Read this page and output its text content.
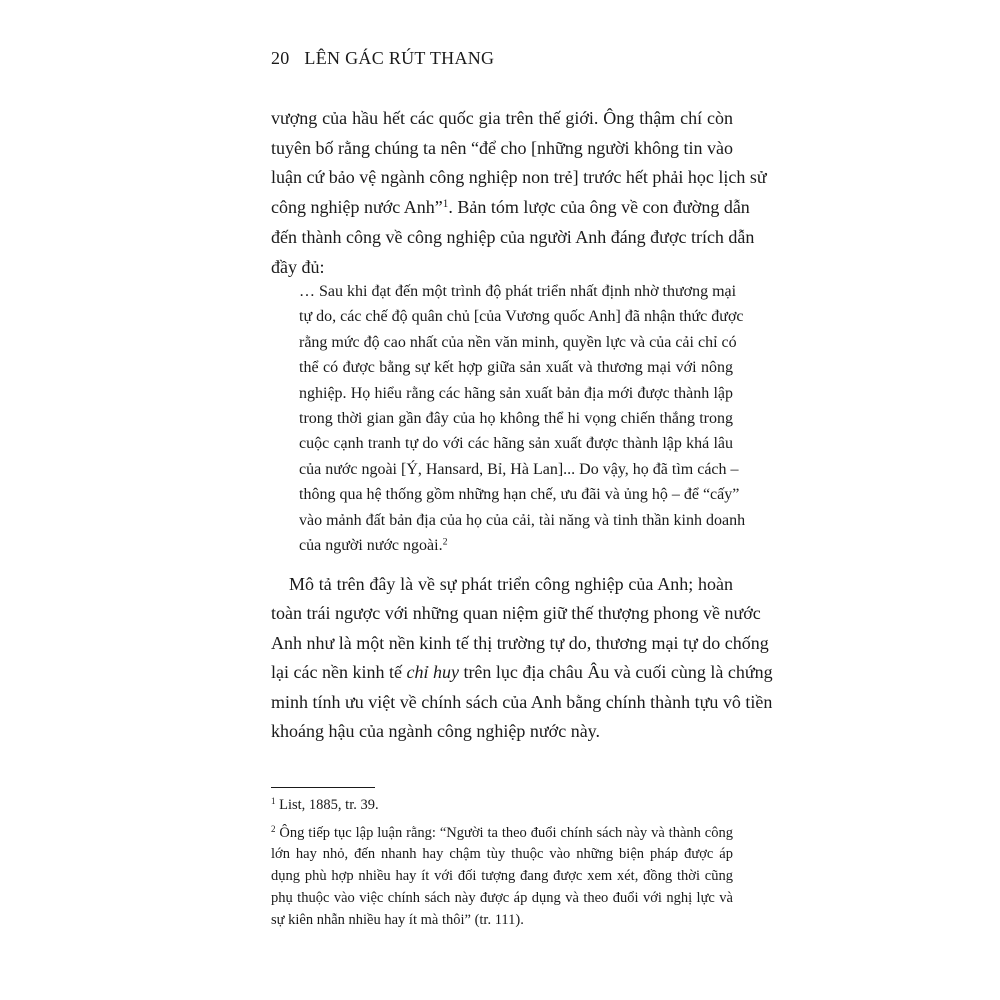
20 LÊN GÁC RÚT THANG
vượng của hầu hết các quốc gia trên thế giới. Ông thậm chí còn
tuyên bố rằng chúng ta nên “để cho [những người không tin vào
luận cứ bảo vệ ngành công nghiệp non trẻ] trước hết phải học lịch sử
công nghiệp nước Anh”$^1$. Bản tóm lược của ông về con đường dẫn
đến thành công về công nghiệp của người Anh đáng được trích dẫn
đầy đủ:
… Sau khi đạt đến một trình độ phát triển nhất định nhờ thương mại
tự do, các chế độ quân chủ [của Vương quốc Anh] đã nhận thức được
rằng mức độ cao nhất của nền văn minh, quyền lực và của cải chỉ có
thể có được bằng sự kết hợp giữa sản xuất và thương mại với nông
nghiệp. Họ hiểu rằng các hãng sản xuất bản địa mới được thành lập
trong thời gian gần đây của họ không thể hi vọng chiến thắng trong
cuộc cạnh tranh tự do với các hãng sản xuất được thành lập khá lâu
của nước ngoài [Ý, Hansard, Bỉ, Hà Lan]... Do vậy, họ đã tìm cách –
thông qua hệ thống gồm những hạn chế, ưu đãi và ủng hộ – để “cấy”
vào mảnh đất bản địa của họ của cải, tài năng và tinh thần kinh doanh
của người nước ngoài.$^2$
Mô tả trên đây là về sự phát triển công nghiệp của Anh; hoàn
toàn trái ngược với những quan niệm giữ thế thượng phong về nước
Anh như là một nền kinh tế thị trường tự do, thương mại tự do chống
lại các nền kinh tế chỉ huy trên lục địa châu Âu và cuối cùng là chứng
minh tính ưu việt về chính sách của Anh bằng chính thành tựu vô tiền
khoáng hậu của ngành công nghiệp nước này.

$^1$ List, 1885, tr. 39.

$^2$ Ông tiếp tục lập luận rằng: “Người ta theo đuổi chính sách này và thành công
lớn hay nhỏ, đến nhanh hay chậm tùy thuộc vào những biện pháp được áp
dụng phù hợp nhiều hay ít với đối tượng đang được xem xét, đồng thời cũng
phụ thuộc vào việc chính sách này được áp dụng và theo đuổi với nghị lực và
sự kiên nhẫn nhiều hay ít mà thôi” (tr. 111).
